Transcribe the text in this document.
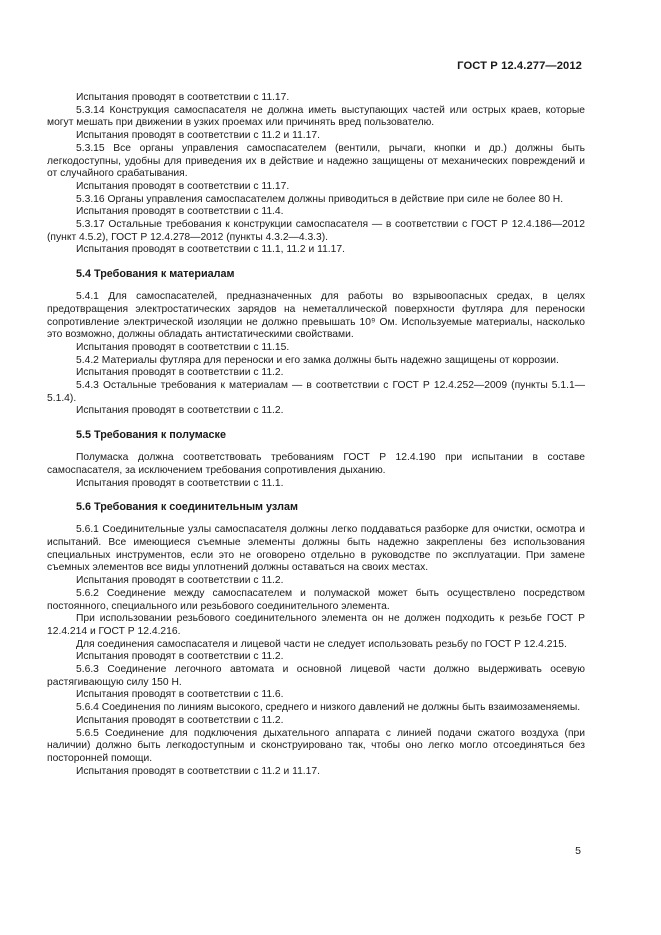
ГОСТ Р 12.4.277—2012

Испытания проводят в соответствии с 11.17.

5.3.14 Конструкция самоспасателя не должна иметь выступающих частей или острых краев, которые могут мешать при движении в узких проемах или причинять вред пользователю.

Испытания проводят в соответствии с 11.2 и 11.17.

5.3.15 Все органы управления самоспасателем (вентили, рычаги, кнопки и др.) должны быть легкодоступны, удобны для приведения их в действие и надежно защищены от механических повреждений и от случайного срабатывания.

Испытания проводят в соответствии с 11.17.

5.3.16 Органы управления самоспасателем должны приводиться в действие при силе не более 80 Н.

Испытания проводят в соответствии с 11.4.

5.3.17 Остальные требования к конструкции самоспасателя — в соответствии с ГОСТ Р 12.4.186—2012 (пункт 4.5.2), ГОСТ Р 12.4.278—2012 (пункты 4.3.2—4.3.3).

Испытания проводят в соответствии с 11.1, 11.2 и 11.17.

5.4 Требования к материалам

5.4.1 Для самоспасателей, предназначенных для работы во взрывоопасных средах, в целях предотвращения электростатических зарядов на неметаллической поверхности футляра для переноски сопротивление электрической изоляции не должно превышать 10⁹ Ом. Используемые материалы, насколько это возможно, должны обладать антистатическими свойствами.

Испытания проводят в соответствии с 11.15.

5.4.2 Материалы футляра для переноски и его замка должны быть надежно защищены от коррозии.

Испытания проводят в соответствии с 11.2.

5.4.3 Остальные требования к материалам — в соответствии с ГОСТ Р 12.4.252—2009 (пункты 5.1.1—5.1.4).

Испытания проводят в соответствии с 11.2.

5.5 Требования к полумаске

Полумаска должна соответствовать требованиям ГОСТ Р 12.4.190 при испытании в составе самоспасателя, за исключением требования сопротивления дыханию.

Испытания проводят в соответствии с 11.1.

5.6 Требования к соединительным узлам

5.6.1 Соединительные узлы самоспасателя должны легко поддаваться разборке для очистки, осмотра и испытаний. Все имеющиеся съемные элементы должны быть надежно закреплены без использования специальных инструментов, если это не оговорено отдельно в руководстве по эксплуатации. При замене съемных элементов все виды уплотнений должны оставаться на своих местах.

Испытания проводят в соответствии с 11.2.

5.6.2 Соединение между самоспасателем и полумаской может быть осуществлено посредством постоянного, специального или резьбового соединительного элемента.

При использовании резьбового соединительного элемента он не должен подходить к резьбе ГОСТ Р 12.4.214 и ГОСТ Р 12.4.216.

Для соединения самоспасателя и лицевой части не следует использовать резьбу по ГОСТ Р 12.4.215.

Испытания проводят в соответствии с 11.2.

5.6.3 Соединение легочного автомата и основной лицевой части должно выдерживать осевую растягивающую силу 150 Н.

Испытания проводят в соответствии с 11.6.

5.6.4 Соединения по линиям высокого, среднего и низкого давлений не должны быть взаимозаменяемы.

Испытания проводят в соответствии с 11.2.

5.6.5 Соединение для подключения дыхательного аппарата с линией подачи сжатого воздуха (при наличии) должно быть легкодоступным и сконструировано так, чтобы оно легко могло отсоединяться без посторонней помощи.

Испытания проводят в соответствии с 11.2 и 11.17.

5
